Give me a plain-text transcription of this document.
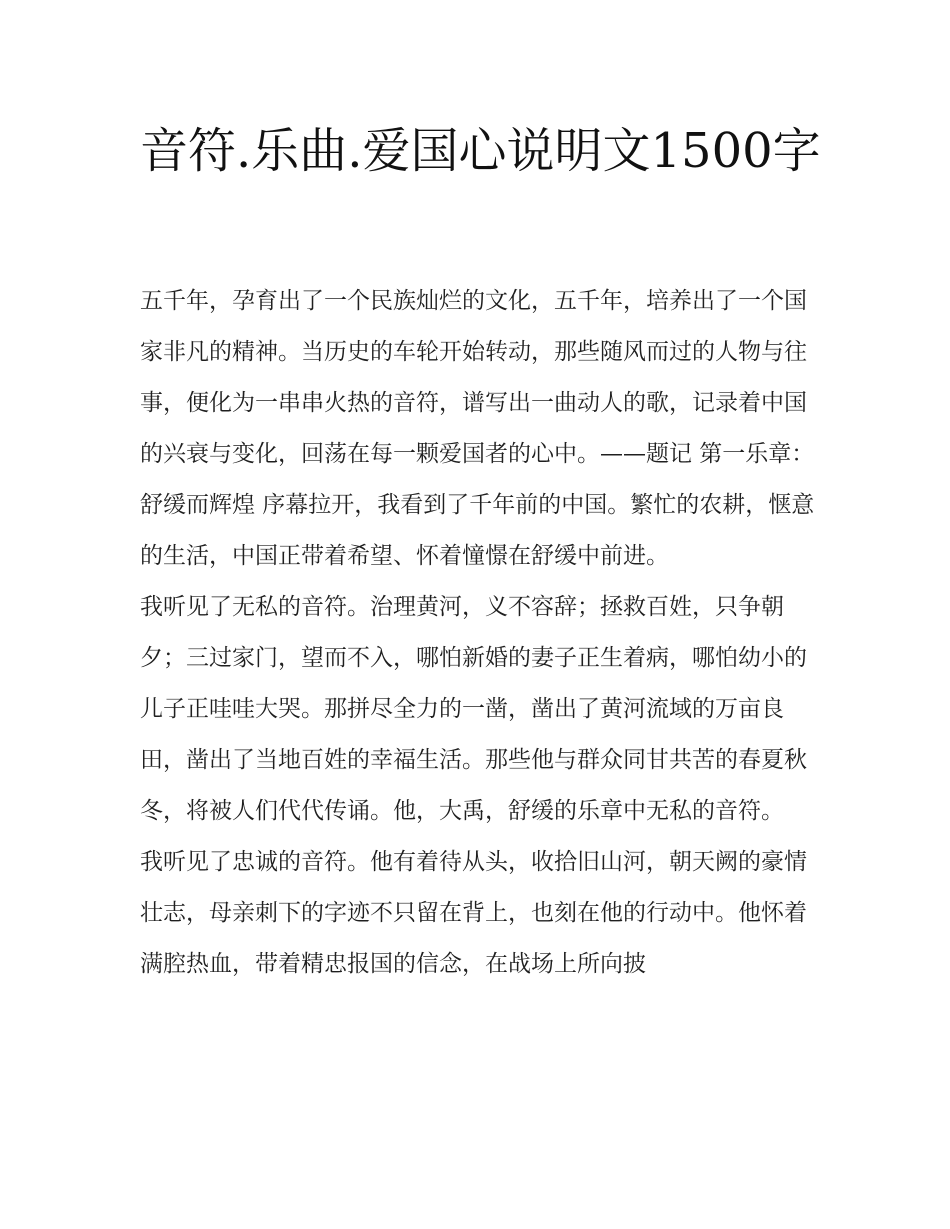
音符.乐曲.爱国心说明文1500字

五千年，孕育出了一个民族灿烂的文化，五千年，培养出了一个国家非凡的精神。当历史的车轮开始转动，那些随风而过的人物与往事，便化为一串串火热的音符，谱写出一曲动人的歌，记录着中国的兴衰与变化，回荡在每一颗爱国者的心中。——题记 第一乐章：舒缓而辉煌 序幕拉开，我看到了千年前的中国。繁忙的农耕，惬意的生活，中国正带着希望、怀着憧憬在舒缓中前进。

我听见了无私的音符。治理黄河，义不容辞；拯救百姓，只争朝夕；三过家门，望而不入，哪怕新婚的妻子正生着病，哪怕幼小的儿子正哇哇大哭。那拼尽全力的一凿，凿出了黄河流域的万亩良田，凿出了当地百姓的幸福生活。那些他与群众同甘共苦的春夏秋冬，将被人们代代传诵。他，大禹，舒缓的乐章中无私的音符。

我听见了忠诚的音符。他有着待从头，收拾旧山河，朝天阙的豪情壮志，母亲刺下的字迹不只留在背上，也刻在他的行动中。他怀着满腔热血，带着精忠报国的信念，在战场上所向披
